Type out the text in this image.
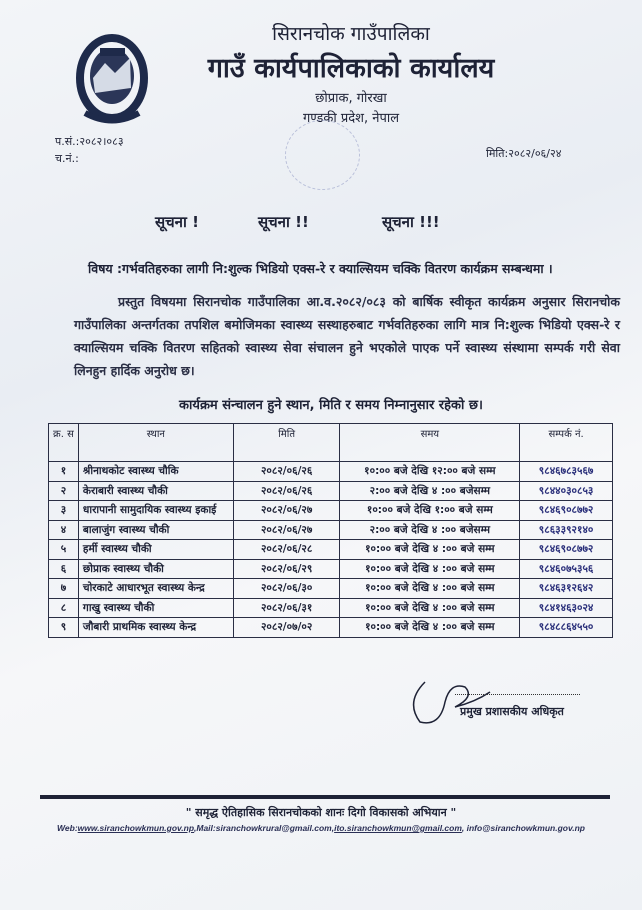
सिरानचोक गाउँपालिका
गाउँ कार्यपालिकाको कार्यालय
छोप्राक, गोरखा
गण्डकी प्रदेश, नेपाल
प.सं.:२०८२।०८३
च.नं.:	मिति:२०८२/०६/२४
सूचना !	सूचना !!	सूचना !!!
विषय :गर्भवतिहरुका लागी नि:शुल्क भिडियो एक्स-रे र क्याल्सियम चक्कि वितरण कार्यक्रम सम्बन्धमा ।
प्रस्तुत विषयमा सिरानचोक गाउँपालिका आ.व.२०८२/०८३ को बार्षिक स्वीकृत कार्यक्रम अनुसार सिरानचोक गाउँपालिका अन्तर्गतका तपशिल बमोजिमका स्वास्थ्य सस्थाहरुबाट गर्भवतिहरुका लागि मात्र नि:शुल्क भिडियो एक्स-रे र क्याल्सियम चक्कि वितरण सहितको स्वास्थ्य सेवा संचालन हुने भएकोले पाएक पर्ने स्वास्थ्य संस्थामा सम्पर्क गरी सेवा लिनहुन हार्दिक अनुरोध छ।
कार्यक्रम संन्चालन हुने स्थान, मिति र समय निम्नानुसार रहेको छ।
क्र. स	स्थान	मिति	समय	सम्पर्क नं.
१	श्रीनाथकोट स्वास्थ्य चौकि	२०८२/०६/२६	१०:०० बजे देखि १२:०० बजे सम्म	९८४६७८३५६७
२	केराबारी स्वास्थ्य चौकी	२०८२/०६/२६	२:०० बजे देखि ४ :०० बजेसम्म	९८४४०३०८५३
३	धारापानी सामुदायिक स्वास्थ्य इकाई	२०८२/०६/२७	१०:०० बजे देखि १:०० बजे सम्म	९८४६९०८७७२
४	बालाजुंग स्वास्थ्य चौकी	२०८२/०६/२७	२:०० बजे देखि ४ :०० बजेसम्म	९८६३३९२१४०
५	हर्मी स्वास्थ्य चौकी	२०८२/०६/२८	१०:०० बजे देखि ४ :०० बजे सम्म	९८४६९०८७७२
६	छोप्राक स्वास्थ्य चौकी	२०८२/०६/२९	१०:०० बजे देखि ४ :०० बजे सम्म	९८४६०७५३५६
७	चोरकाटे आधारभूत स्वास्थ्य केन्द्र	२०८२/०६/३०	१०:०० बजे देखि ४ :०० बजे सम्म	९८४६३१२६४२
८	गाखु स्वास्थ्य चौकी	२०८२/०६/३१	१०:०० बजे देखि ४ :०० बजे सम्म	९८४१४६३०२४
९	जौबारी प्राथमिक स्वास्थ्य केन्द्र	२०८२/०७/०२	१०:०० बजे देखि ४ :०० बजे सम्म	९८४८८६४५५०
प्रमुख प्रशासकीय अधिकृत
" समृद्ध ऐतिहासिक सिरानचोकको शानः दिगो विकासको अभियान "
Web:www.siranchowkmun.gov.np,Mail:siranchowkrural@gmail.com,ito.siranchowkmun@gmail.com, info@siranchowkmun.gov.np
